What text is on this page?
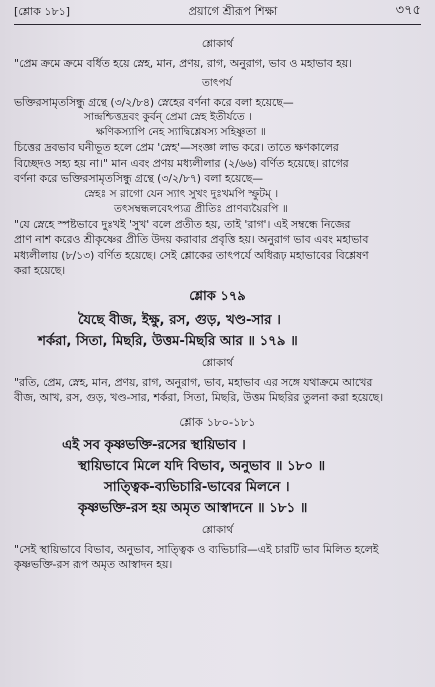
[শ্লোক ১৮১]	প্রয়াগে শ্রীরূপ শিক্ষা	৩৭৫
শ্লোকার্থ

"প্রেম ক্রমে ক্রমে বর্ধিত হয়ে স্নেহ, মান, প্রণয়, রাগ, অনুরাগ, ভাব ও মহাভাব হয়।

তাৎপর্য

ভক্তিরসামৃতসিন্ধু গ্রন্থে (৩/২/৮৪) স্নেহের বর্ণনা করে বলা হয়েছে—

সান্দ্রশ্চিত্তদ্রবং কুর্বন্ প্রেমা স্নেহ ইতীর্যতে ।

ক্ষণিকস্যাপি নেহ স্যাদ্বিশ্লেষস্য সহিষ্ণুতা ॥

চিত্তের দ্রবভাব ঘনীভূত হলে প্রেম 'স্নেহ'—সংজ্ঞা লাভ করে। তাতে ক্ষণকালের

বিচ্ছেদও সহ্য হয় না।" মান এবং প্রণয় মধ্যলীলার (২/৬৬) বর্ণিত হয়েছে। রাগের

বর্ণনা করে ভক্তিরসামৃতসিন্ধু গ্রন্থে (৩/২/৮৭) বলা হয়েছে—

স্নেহঃ স রাগো যেন স্যাৎ সুখং দুঃখমপি স্ফুটম্ ।

তৎসম্বন্ধলবেঽপ্যত্র প্রীতিঃ প্রাণব্যয়ৈরপি ॥

"যে স্নেহে স্পষ্টভাবে দুঃখই 'সুখ' বলে প্রতীত হয়, তাই 'রাগ'। এই সম্বন্ধে নিজের

প্রাণ নাশ করেও শ্রীকৃষ্ণের প্রীতি উদয় করাবার প্রবৃত্তি হয়। অনুরাগ ভাব এবং মহাভাব

মধ্যলীলায় (৮/১৩) বর্ণিত হয়েছে। সেই শ্লোকের তাৎপর্যে অধিরূঢ় মহাভাবের বিশ্লেষণ

করা হয়েছে।

শ্লোক ১৭৯

যৈছে বীজ, ইক্ষু, রস, গুড়, খণ্ড-সার ।

শর্করা, সিতা, মিছরি, উত্তম-মিছরি আর ॥ ১৭৯ ॥

শ্লোকার্থ

"রতি, প্রেম, স্নেহ, মান, প্রণয়, রাগ, অনুরাগ, ভাব, মহাভাব এর সঙ্গে যথাক্রমে আখের

বীজ, আখ, রস, গুড়, খণ্ড-সার, শর্করা, সিতা, মিছরি, উত্তম মিছরির তুলনা করা হয়েছে।

শ্লোক ১৮০-১৮১

এই সব কৃষ্ণভক্তি-রসের স্থায়িভাব ।

স্থায়িভাবে মিলে যদি বিভাব, অনুভাব ॥ ১৮০ ॥

সাত্ত্বিক-ব্যভিচারি-ভাবের মিলনে ।

কৃষ্ণভক্তি-রস হয় অমৃত আস্বাদনে ॥ ১৮১ ॥

শ্লোকার্থ

"সেই স্থায়িভাবে বিভাব, অনুভাব, সাত্ত্বিক ও ব্যভিচারি—এই চারটি ভাব মিলিত হলেই

কৃষ্ণভক্তি-রস রূপ অমৃত আস্বাদন হয়।
